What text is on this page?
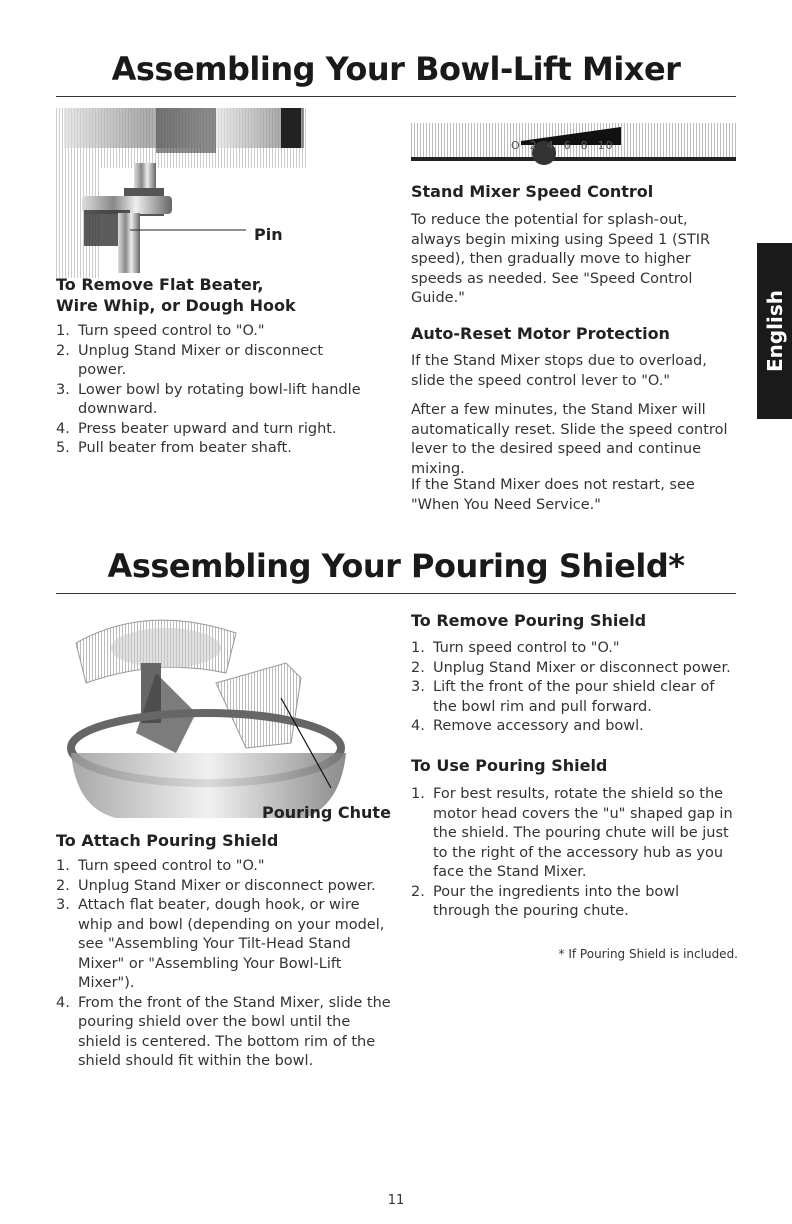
Assembling Your Bowl-Lift Mixer
Pin
To Remove Flat Beater,
Wire Whip, or Dough Hook
1. Turn speed control to "O."
2. Unplug Stand Mixer or disconnect power.
3. Lower bowl by rotating bowl-lift handle downward.
4. Press beater upward and turn right.
5. Pull beater from beater shaft.
O  2  4  6  8  10
Stand Mixer Speed Control

To reduce the potential for splash-out, always begin mixing using Speed 1 (STIR speed), then gradually move to higher speeds as needed. See "Speed Control Guide."

Auto-Reset Motor Protection

If the Stand Mixer stops due to overload, slide the speed control lever to "O."

After a few minutes, the Stand Mixer will automatically reset. Slide the speed control lever to the desired speed and continue mixing.

If the Stand Mixer does not restart, see "When You Need Service."

English
Assembling Your Pouring Shield*
Pouring Chute
To Attach Pouring Shield
1. Turn speed control to "O."
2. Unplug Stand Mixer or disconnect power.
3. Attach flat beater, dough hook, or wire whip and bowl (depending on your model, see "Assembling Your Tilt-Head Stand Mixer" or "Assembling Your Bowl-Lift Mixer").
4. From the front of the Stand Mixer, slide the pouring shield over the bowl until the shield is centered. The bottom rim of the shield should fit within the bowl.
To Remove Pouring Shield
1. Turn speed control to "O."
2. Unplug Stand Mixer or disconnect power.
3. Lift the front of the pour shield clear of the bowl rim and pull forward.
4. Remove accessory and bowl.
To Use Pouring Shield
1. For best results, rotate the shield so the motor head covers the "u" shaped gap in the shield. The pouring chute will be just to the right of the accessory hub as you face the Stand Mixer.
2. Pour the ingredients into the bowl through the pouring chute.
* If Pouring Shield is included.
11
